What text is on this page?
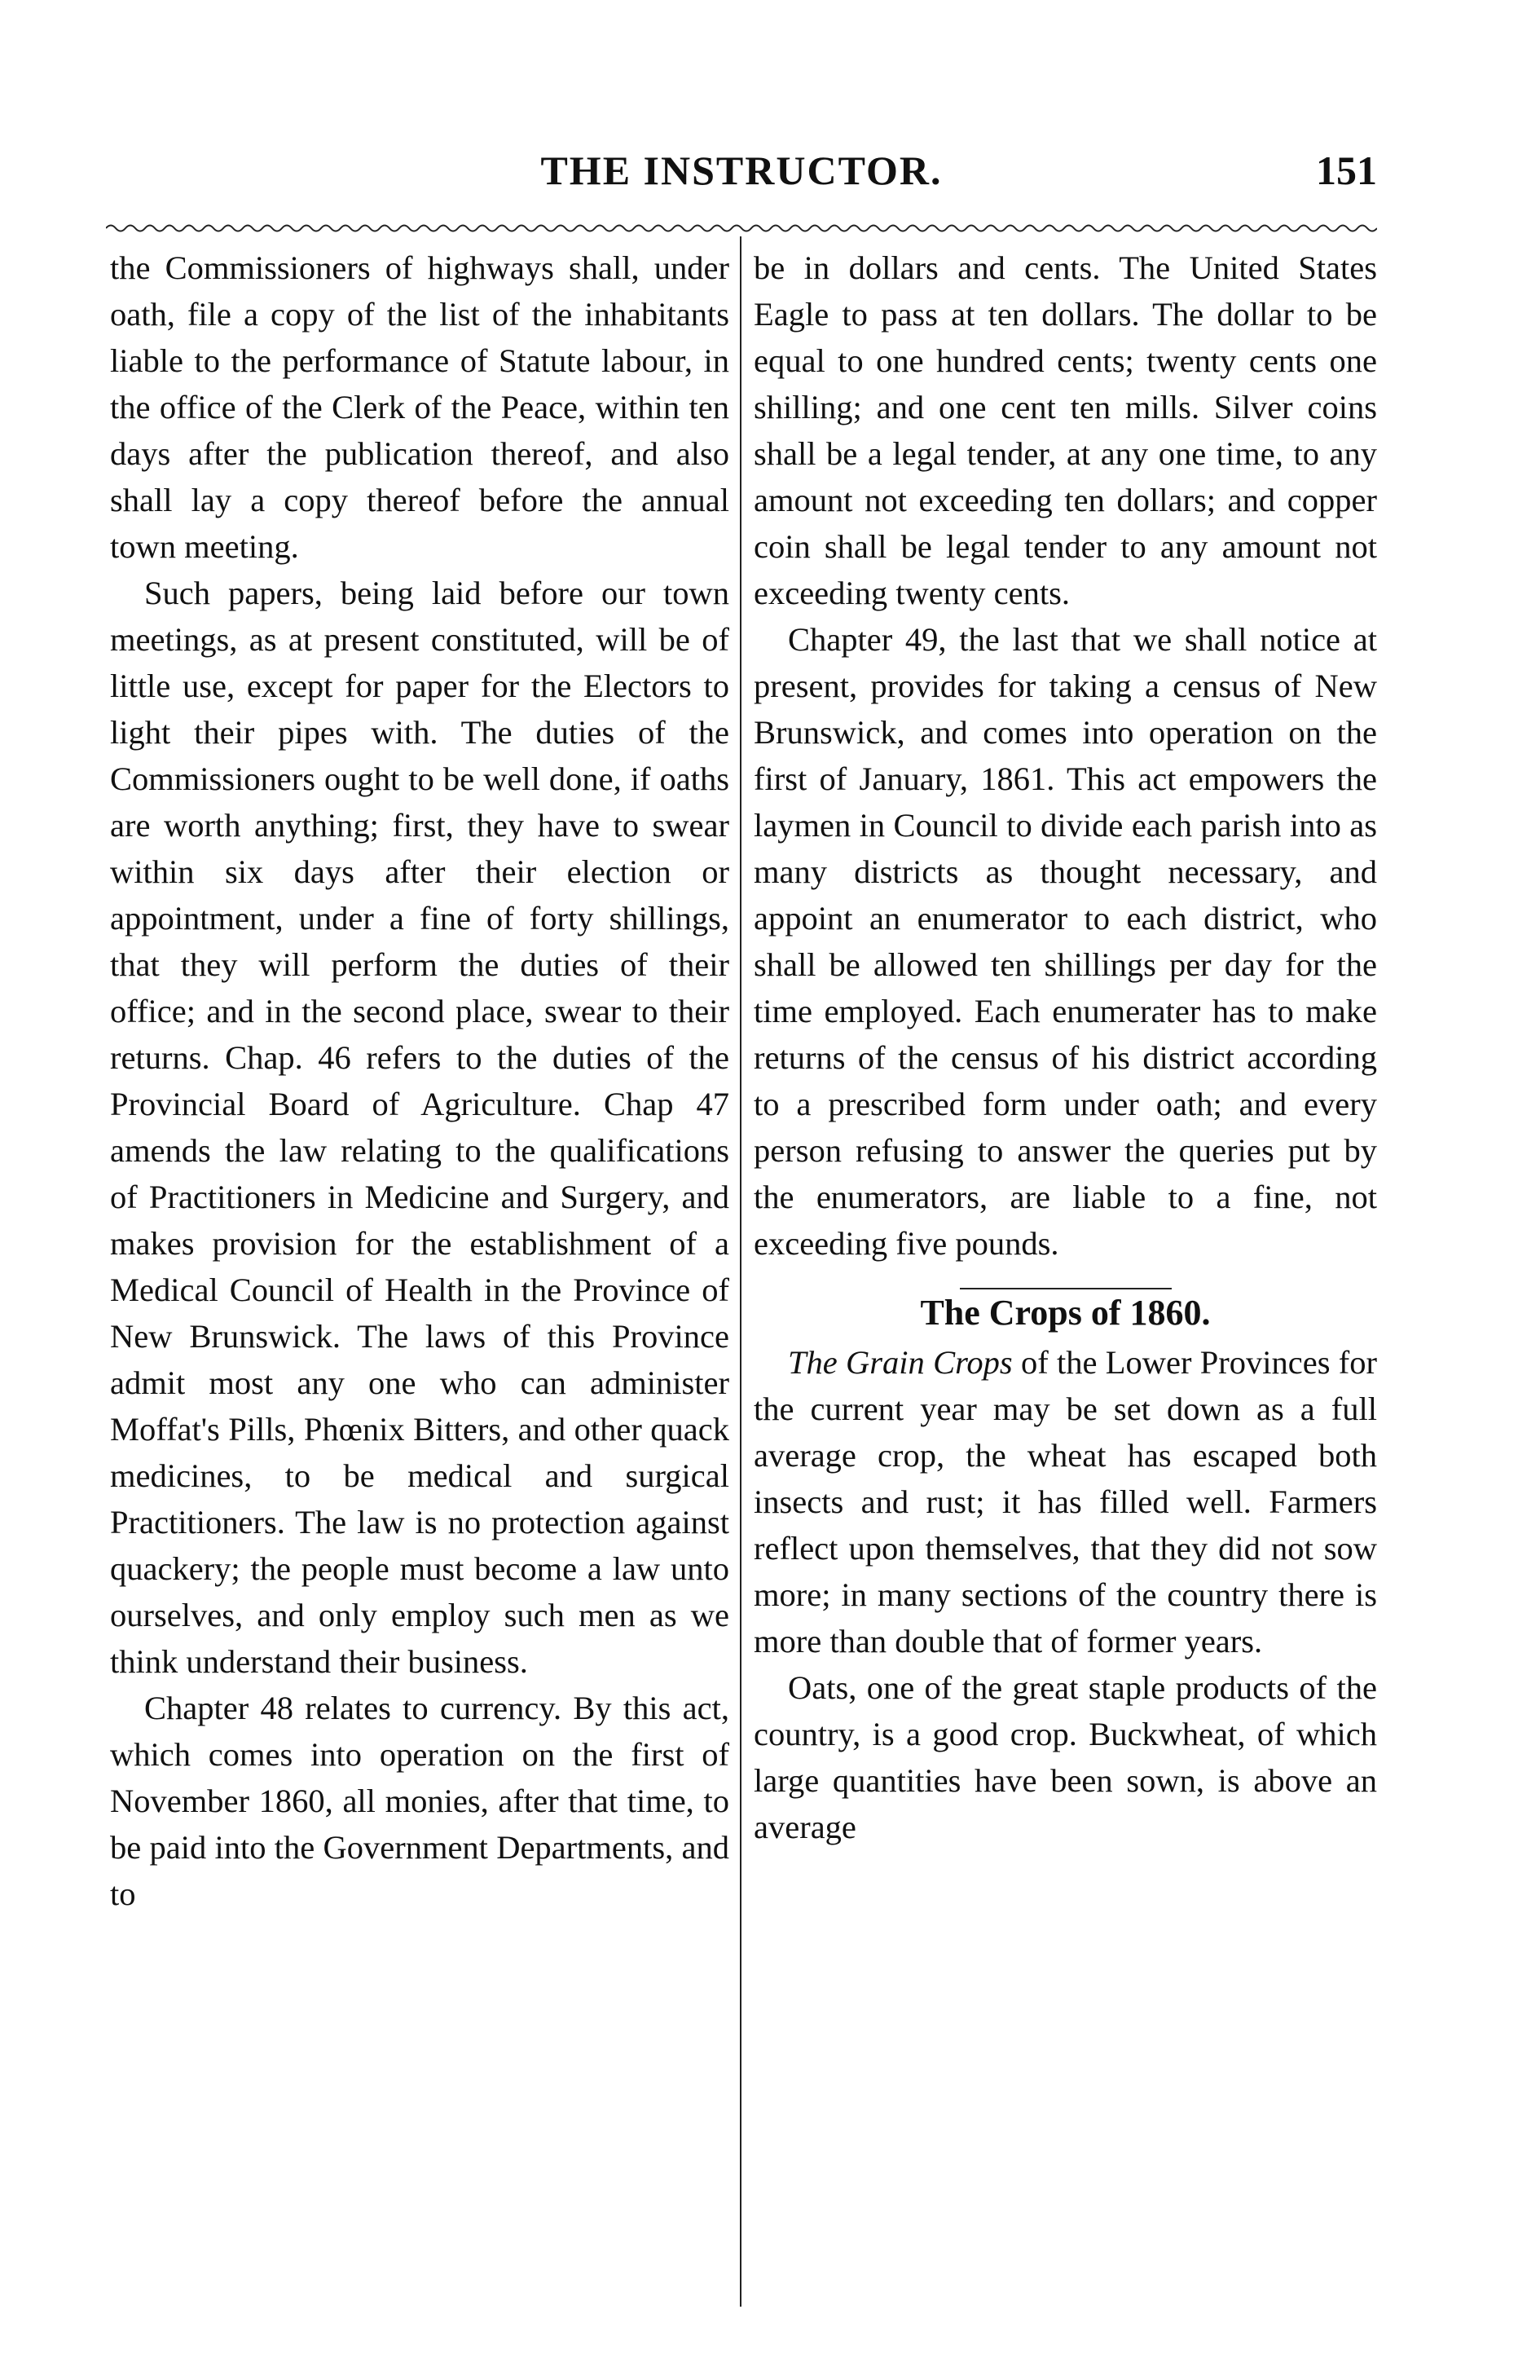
THE INSTRUCTOR.	151

the Commissioners of highways shall, under oath, file a copy of the list of the inhabitants liable to the performance of Statute labour, in the office of the Clerk of the Peace, within ten days after the publication thereof, and also shall lay a copy thereof before the annual town meeting.

Such papers, being laid before our town meetings, as at present constituted, will be of little use, except for paper for the Electors to light their pipes with. The duties of the Commissioners ought to be well done, if oaths are worth anything; first, they have to swear within six days after their election or appointment, under a fine of forty shillings, that they will perform the duties of their office; and in the second place, swear to their returns. Chap. 46 refers to the duties of the Provincial Board of Agriculture. Chap 47 amends the law relating to the qualifications of Practitioners in Medicine and Surgery, and makes provision for the establishment of a Medical Council of Health in the Province of New Brunswick. The laws of this Province admit most any one who can administer Moffat's Pills, Phœnix Bitters, and other quack medicines, to be medical and surgical Practitioners. The law is no protection against quackery; the people must become a law unto ourselves, and only employ such men as we think understand their business.

Chapter 48 relates to currency. By this act, which comes into operation on the first of November 1860, all monies, after that time, to be paid into the Government Departments, and to

be in dollars and cents. The United States Eagle to pass at ten dollars. The dollar to be equal to one hundred cents; twenty cents one shilling; and one cent ten mills. Silver coins shall be a legal tender, at any one time, to any amount not exceeding ten dollars; and copper coin shall be legal tender to any amount not exceeding twenty cents.

Chapter 49, the last that we shall notice at present, provides for taking a census of New Brunswick, and comes into operation on the first of January, 1861. This act empowers the laymen in Council to divide each parish into as many districts as thought necessary, and appoint an enumerator to each district, who shall be allowed ten shillings per day for the time employed. Each enumerater has to make returns of the census of his district according to a prescribed form under oath; and every person refusing to answer the queries put by the enumerators, are liable to a fine, not exceeding five pounds.

The Crops of 1860.

The Grain Crops of the Lower Provinces for the current year may be set down as a full average crop, the wheat has escaped both insects and rust; it has filled well. Farmers reflect upon themselves, that they did not sow more; in many sections of the country there is more than double that of former years.

Oats, one of the great staple products of the country, is a good crop. Buckwheat, of which large quantities have been sown, is above an average
